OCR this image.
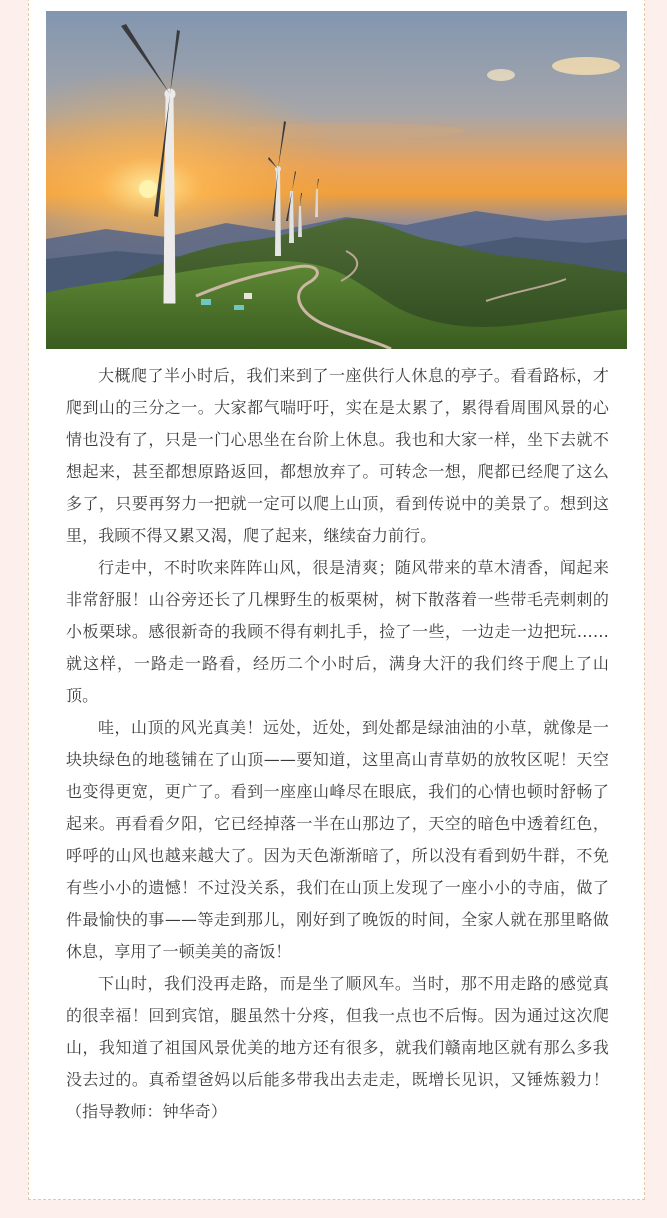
大概爬了半小时后，我们来到了一座供行人休息的亭子。看看路标，才爬到山的三分之一。大家都气喘吁吁，实在是太累了，累得看周围风景的心情也没有了，只是一门心思坐在台阶上休息。我也和大家一样，坐下去就不想起来，甚至都想原路返回，都想放弃了。可转念一想，爬都已经爬了这么多了，只要再努力一把就一定可以爬上山顶，看到传说中的美景了。想到这里，我顾不得又累又渴，爬了起来，继续奋力前行。

行走中，不时吹来阵阵山风，很是清爽；随风带来的草木清香，闻起来非常舒服！山谷旁还长了几棵野生的板栗树，树下散落着一些带毛壳刺刺的小板栗球。感很新奇的我顾不得有刺扎手，捡了一些，一边走一边把玩……就这样，一路走一路看，经历二个小时后，满身大汗的我们终于爬上了山顶。

哇，山顶的风光真美！远处，近处，到处都是绿油油的小草，就像是一块块绿色的地毯铺在了山顶——要知道，这里高山青草奶的放牧区呢！天空也变得更宽，更广了。看到一座座山峰尽在眼底，我们的心情也顿时舒畅了起来。再看看夕阳，它已经掉落一半在山那边了，天空的暗色中透着红色，呼呼的山风也越来越大了。因为天色渐渐暗了，所以没有看到奶牛群，不免有些小小的遗憾！不过没关系，我们在山顶上发现了一座小小的寺庙，做了件最愉快的事——等走到那儿，刚好到了晚饭的时间，全家人就在那里略做休息，享用了一顿美美的斋饭！

下山时，我们没再走路，而是坐了顺风车。当时，那不用走路的感觉真的很幸福！回到宾馆，腿虽然十分疼，但我一点也不后悔。因为通过这次爬山，我知道了祖国风景优美的地方还有很多，就我们赣南地区就有那么多我没去过的。真希望爸妈以后能多带我出去走走，既增长见识，又锤炼毅力！（指导教师：钟华奇）
